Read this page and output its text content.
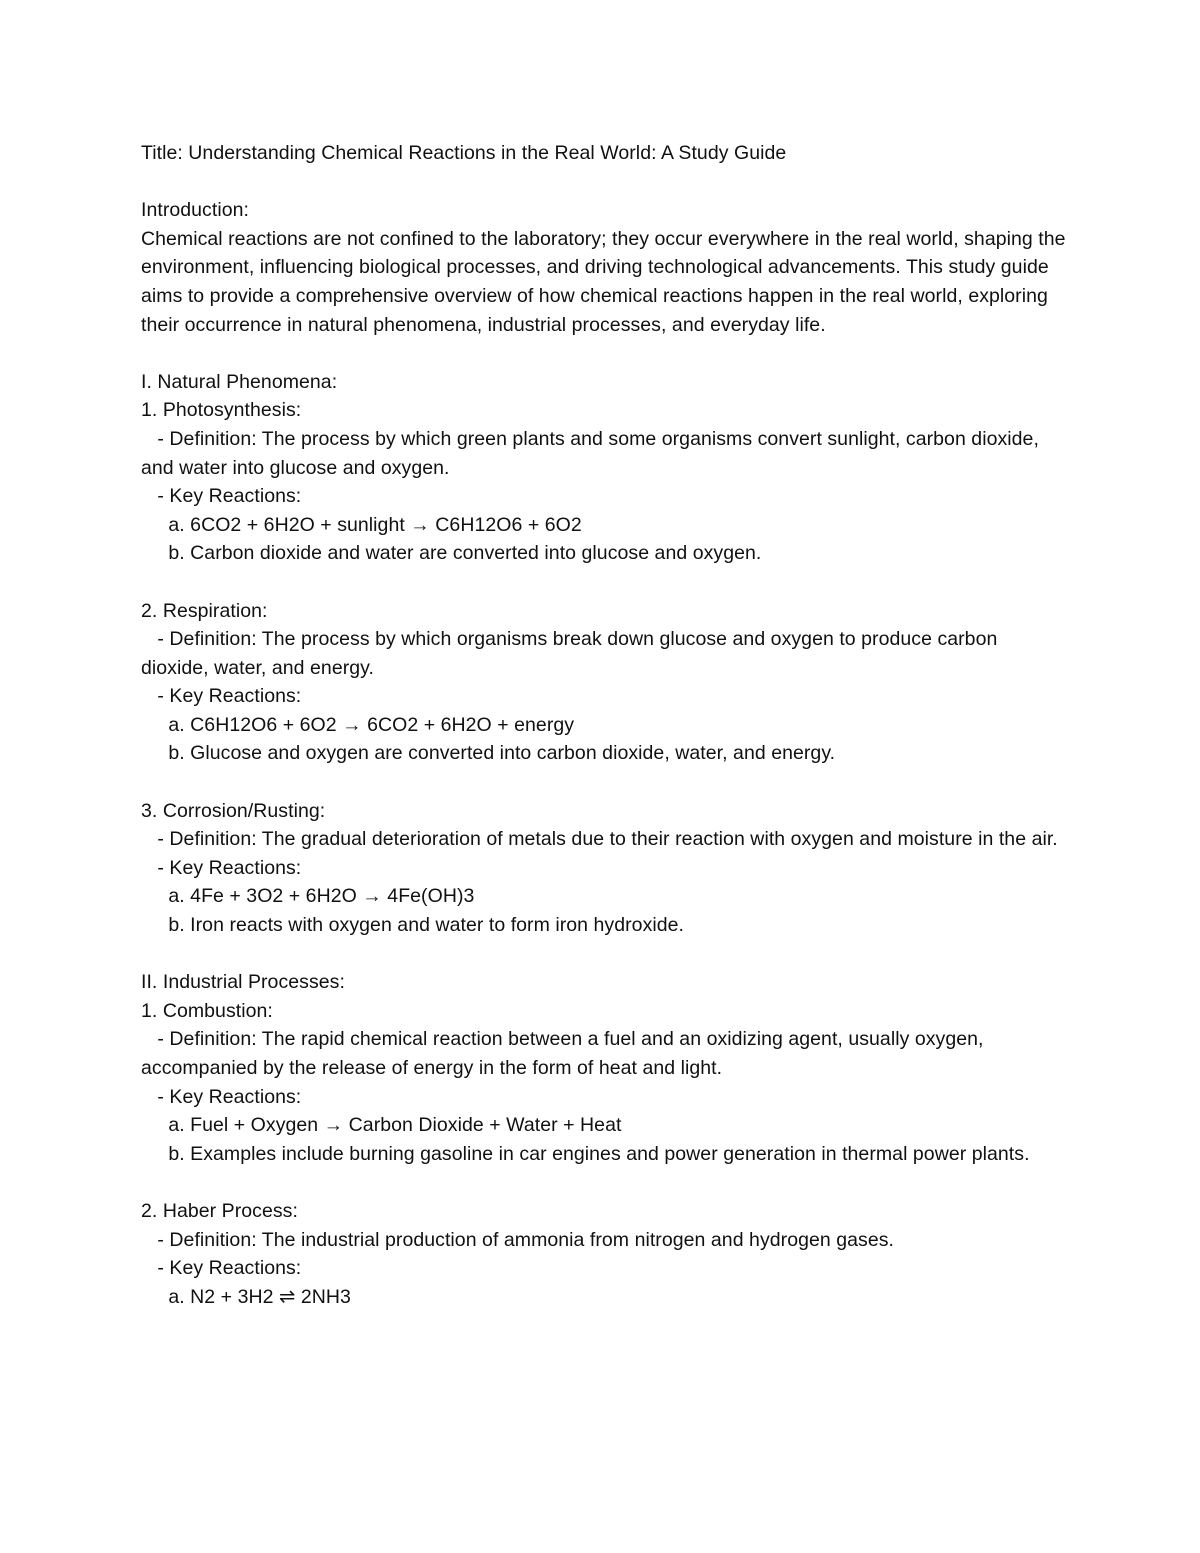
Title: Understanding Chemical Reactions in the Real World: A Study Guide

Introduction:

Chemical reactions are not confined to the laboratory; they occur everywhere in the real world, shaping the environment, influencing biological processes, and driving technological advancements. This study guide aims to provide a comprehensive overview of how chemical reactions happen in the real world, exploring their occurrence in natural phenomena, industrial processes, and everyday life.

I. Natural Phenomena:

1. Photosynthesis:

- Definition: The process by which green plants and some organisms convert sunlight, carbon dioxide, and water into glucose and oxygen.

- Key Reactions:

a. 6CO2 + 6H2O + sunlight → C6H12O6 + 6O2

b. Carbon dioxide and water are converted into glucose and oxygen.

2. Respiration:

- Definition: The process by which organisms break down glucose and oxygen to produce carbon dioxide, water, and energy.

- Key Reactions:

a. C6H12O6 + 6O2 → 6CO2 + 6H2O + energy

b. Glucose and oxygen are converted into carbon dioxide, water, and energy.

3. Corrosion/Rusting:

- Definition: The gradual deterioration of metals due to their reaction with oxygen and moisture in the air.

- Key Reactions:

a. 4Fe + 3O2 + 6H2O → 4Fe(OH)3

b. Iron reacts with oxygen and water to form iron hydroxide.

II. Industrial Processes:

1. Combustion:

- Definition: The rapid chemical reaction between a fuel and an oxidizing agent, usually oxygen, accompanied by the release of energy in the form of heat and light.

- Key Reactions:

a. Fuel + Oxygen → Carbon Dioxide + Water + Heat

b. Examples include burning gasoline in car engines and power generation in thermal power plants.

2. Haber Process:

- Definition: The industrial production of ammonia from nitrogen and hydrogen gases.

- Key Reactions:

a. N2 + 3H2 ⇌ 2NH3
